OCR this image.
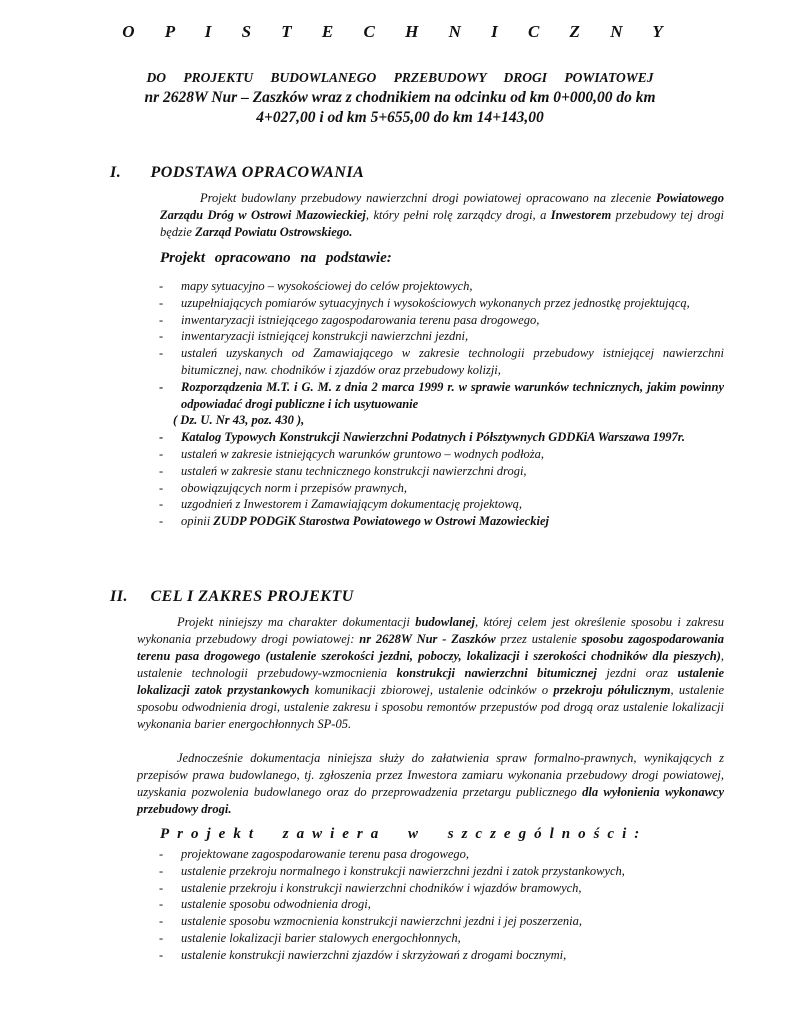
O P I S T E C H N I C Z N Y
DO PROJEKTU BUDOWLANEGO PRZEBUDOWY DROGI POWIATOWEJ
nr 2628W Nur – Zaszków wraz z chodnikiem na odcinku od km 0+000,00 do km
4+027,00 i od km 5+655,00 do km 14+143,00
I. PODSTAWA OPRACOWANIA
Projekt budowlany przebudowy nawierzchni drogi powiatowej opracowano na zlecenie Powiatowego Zarządu Dróg w Ostrowi Mazowieckiej, który pełni rolę zarządcy drogi, a Inwestorem przebudowy tej drogi będzie Zarząd Powiatu Ostrowskiego.
Projekt opracowano na podstawie:
- mapy sytuacyjno – wysokościowej do celów projektowych,
- uzupełniających pomiarów sytuacyjnych i wysokościowych wykonanych przez jednostkę projektującą,
- inwentaryzacji istniejącego zagospodarowania terenu pasa drogowego,
- inwentaryzacji istniejącej konstrukcji nawierzchni jezdni,
- ustaleń uzyskanych od Zamawiającego w zakresie technologii przebudowy istniejącej nawierzchni bitumicznej, naw. chodników i zjazdów oraz przebudowy kolizji,
- Rozporządzenia M.T. i G. M. z dnia 2 marca 1999 r. w sprawie warunków technicznych, jakim powinny odpowiadać drogi publiczne i ich usytuowanie
( Dz. U. Nr 43, poz. 430 ),
- Katalog Typowych Konstrukcji Nawierzchni Podatnych i Półsztywnych GDDKiA Warszawa 1997r.
- ustaleń w zakresie istniejących warunków gruntowo – wodnych podłoża,
- ustaleń w zakresie stanu technicznego konstrukcji nawierzchni drogi,
- obowiązujących norm i przepisów prawnych,
- uzgodnień z Inwestorem i Zamawiającym dokumentację projektową,
- opinii ZUDP PODGiK Starostwa Powiatowego w Ostrowi Mazowieckiej
II. CEL I ZAKRES PROJEKTU
Projekt niniejszy ma charakter dokumentacji budowlanej, której celem jest określenie sposobu i zakresu wykonania przebudowy drogi powiatowej: nr 2628W Nur - Zaszków przez ustalenie sposobu zagospodarowania terenu pasa drogowego (ustalenie szerokości jezdni, poboczy, lokalizacji i szerokości chodników dla pieszych), ustalenie technologii przebudowy-wzmocnienia konstrukcji nawierzchni bitumicznej jezdni oraz ustalenie lokalizacji zatok przystankowych komunikacji zbiorowej, ustalenie odcinków o przekroju półulicznym, ustalenie sposobu odwodnienia drogi, ustalenie zakresu i sposobu remontów przepustów pod drogą oraz ustalenie lokalizacji wykonania barier energochłonnych SP-05.
Jednocześnie dokumentacja niniejsza służy do załatwienia spraw formalno-prawnych, wynikających z przepisów prawa budowlanego, tj. zgłoszenia przez Inwestora zamiaru wykonania przebudowy drogi powiatowej, uzyskania pozwolenia budowlanego oraz do przeprowadzenia przetargu publicznego dla wyłonienia wykonawcy przebudowy drogi.
Projekt zawiera w szczególności:
- projektowane zagospodarowanie terenu pasa drogowego,
- ustalenie przekroju normalnego i konstrukcji nawierzchni jezdni i zatok przystankowych,
- ustalenie przekroju i konstrukcji nawierzchni chodników i wjazdów bramowych,
- ustalenie sposobu odwodnienia drogi,
- ustalenie sposobu wzmocnienia konstrukcji nawierzchni jezdni i jej poszerzenia,
- ustalenie lokalizacji barier stalowych energochłonnych,
- ustalenie konstrukcji nawierzchni zjazdów i skrzyżowań z drogami bocznymi,
